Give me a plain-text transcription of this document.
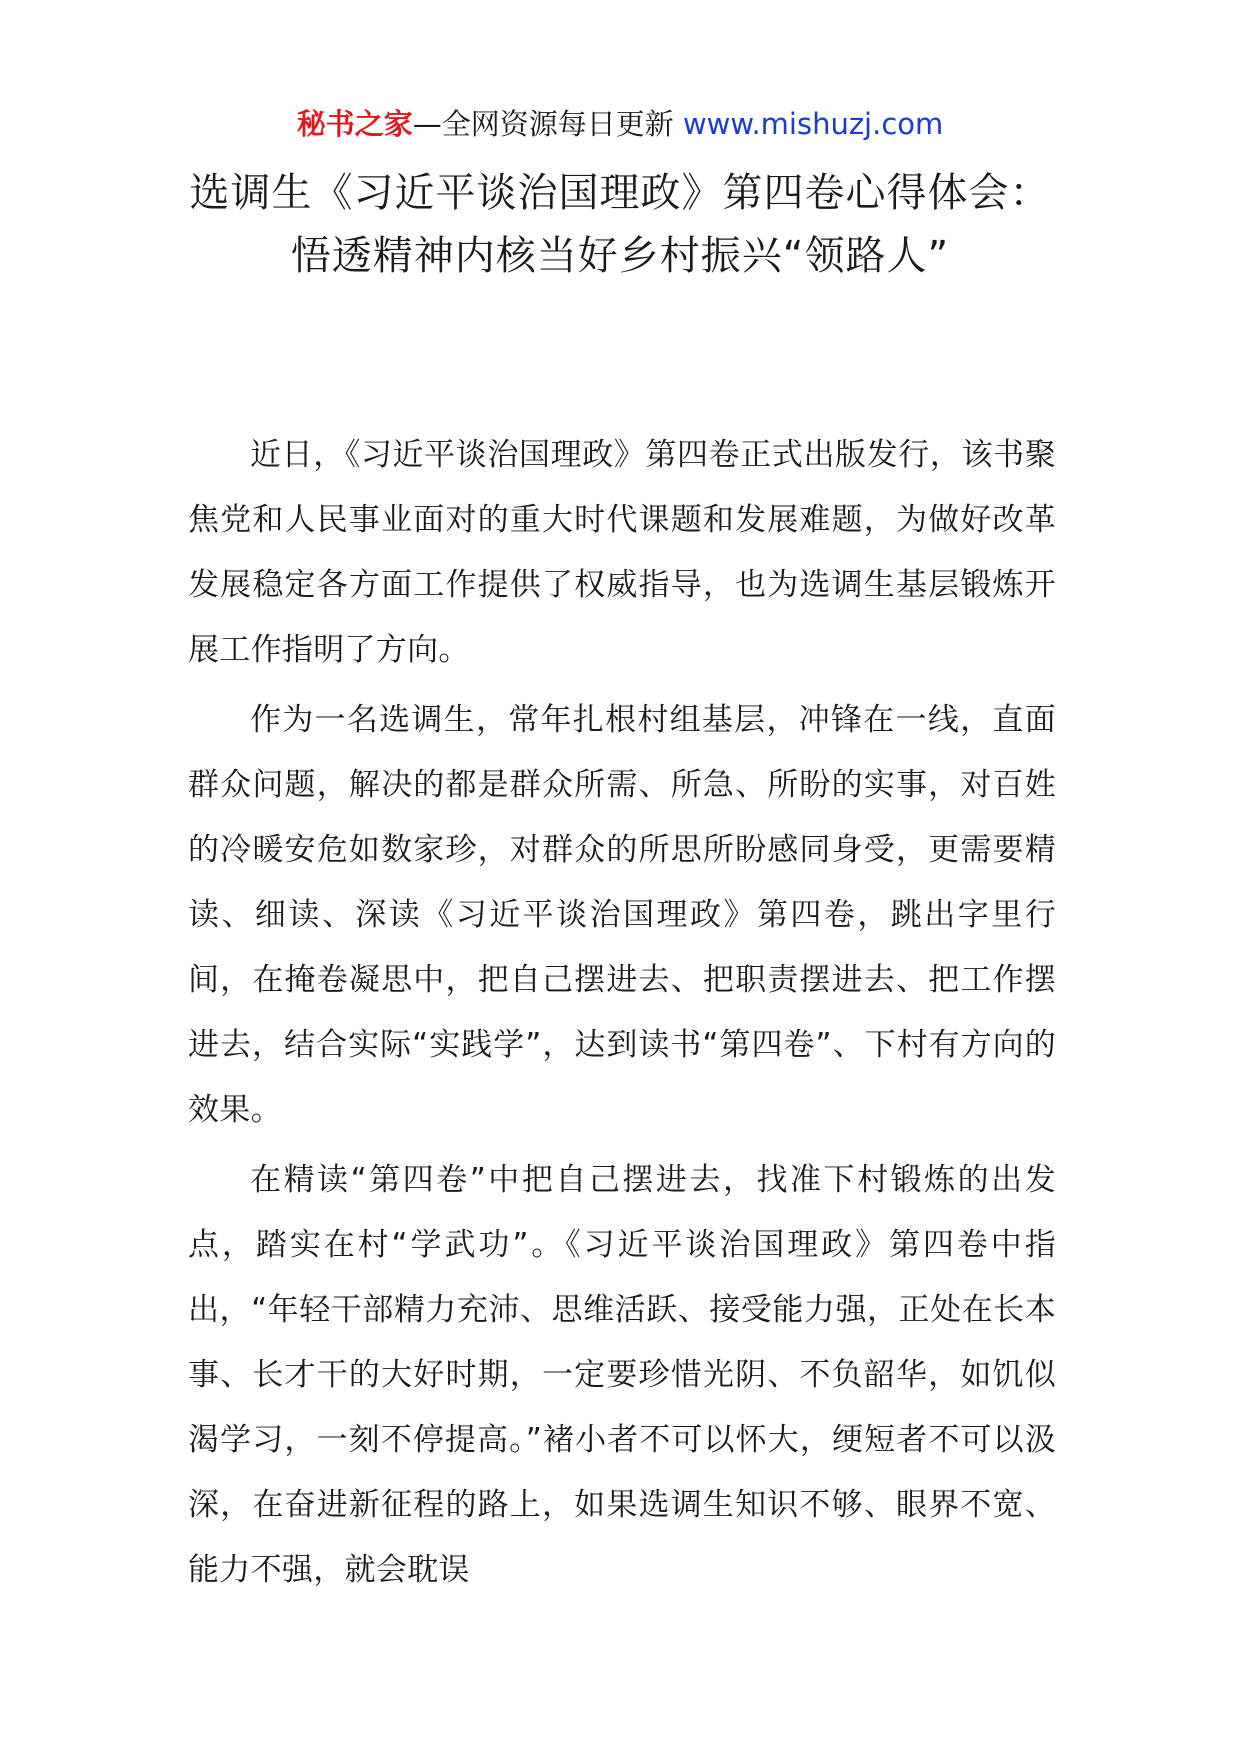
秘书之家—全网资源每日更新 www.mishuzj.com
选调生《习近平谈治国理政》第四卷心得体会：悟透精神内核当好乡村振兴“领路人”

近日，《习近平谈治国理政》第四卷正式出版发行，该书聚焦党和人民事业面对的重大时代课题和发展难题，为做好改革发展稳定各方面工作提供了权威指导，也为选调生基层锻炼开展工作指明了方向。

作为一名选调生，常年扎根村组基层，冲锋在一线，直面群众问题，解决的都是群众所需、所急、所盼的实事，对百姓的冷暖安危如数家珍，对群众的所思所盼感同身受，更需要精读、细读、深读《习近平谈治国理政》第四卷，跳出字里行间，在掩卷凝思中，把自己摆进去、把职责摆进去、把工作摆进去，结合实际“实践学”，达到读书“第四卷”、下村有方向的效果。

在精读“第四卷”中把自己摆进去，找准下村锻炼的出发点，踏实在村“学武功”。《习近平谈治国理政》第四卷中指出，“年轻干部精力充沛、思维活跃、接受能力强，正处在长本事、长才干的大好时期，一定要珍惜光阴、不负韶华，如饥似渴学习，一刻不停提高。”褚小者不可以怀大，绠短者不可以汲深，在奋进新征程的路上，如果选调生知识不够、眼界不宽、能力不强，就会耽误
